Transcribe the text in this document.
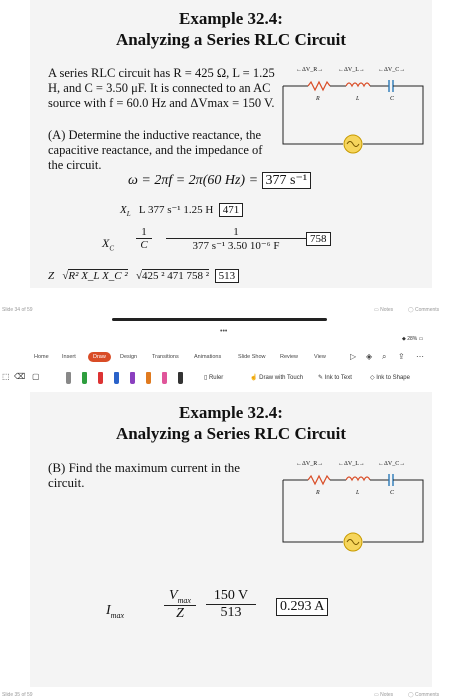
Example 32.4:
Analyzing a Series RLC Circuit
A series RLC circuit has R = 425 Ω, L = 1.25 H, and C = 3.50 μF. It is connected to an AC source with f = 60.0 Hz and ΔVmax = 150 V.
(A) Determine the inductive reactance, the capacitive reactance, and the impedance of the circuit.
←ΔV_R→ ←ΔV_L→ ←ΔV_C→
R	L	C
ω = 2πf = 2π(60 Hz) = 377 s⁻¹
$X_L$ L 377 s⁻¹ 1.25 H 471
$X_C \frac{1}{C} \frac{1}{\text{377 s⁻¹ 3.50 10⁻⁶ F}} 758$
Z   √R² X_L X_C ²   √425 ² 471 758 ² 513
Slide 34 of 59	▭ Notes	◯ Comments
•••
◆ 28% ▭
Home Insert	Draw	Design	Transitions	Animations	Slide Show	Review	View	▷ ◈ ⌕ ⇪ ⋯
⬚ ⌫ ▢	▯ Ruler	☝ Draw with Touch ✎ Ink to Text	◇ Ink to Shape
Example 32.4:
Analyzing a Series RLC Circuit
(B) Find the maximum current in the circuit.
←ΔV_R→ ←ΔV_L→ ←ΔV_C→
R	L	C
$I_{max}$
$V_{max}$
Z	$\frac{150 V}{513} 0.293$ A
Slide 35 of 59	▭ Notes	◯ Comments
